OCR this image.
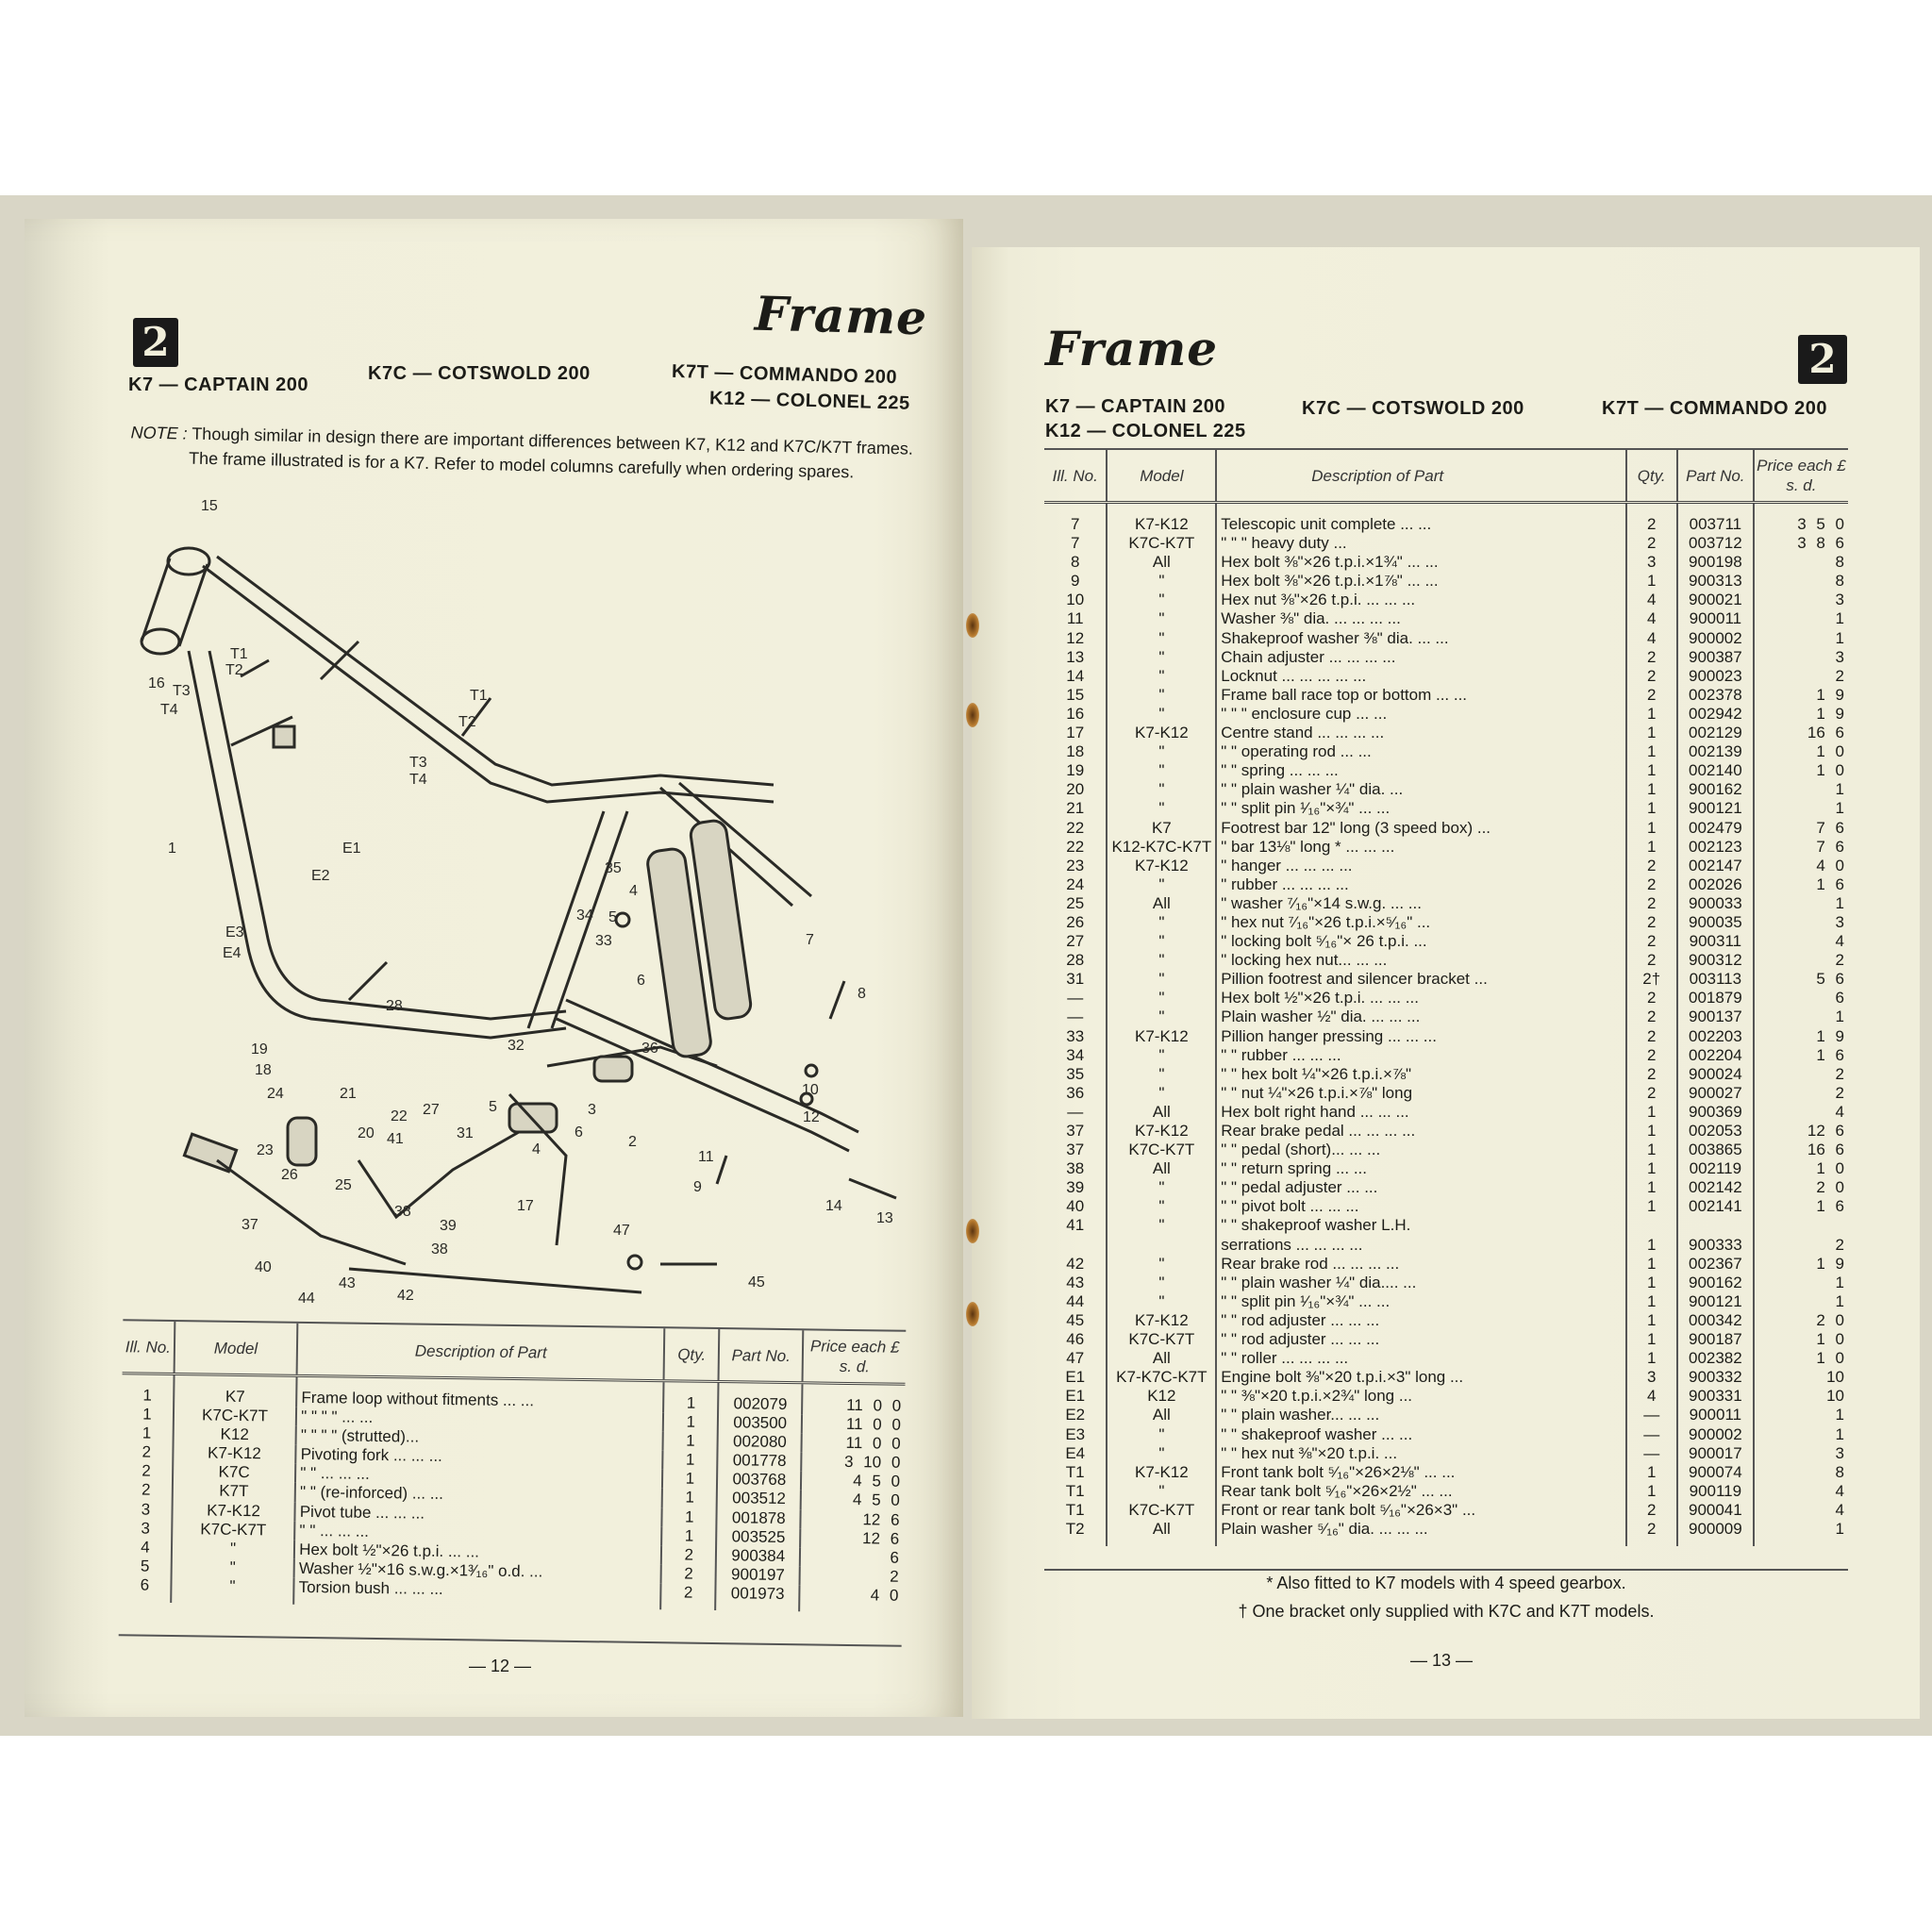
2	Frame
K7 — CAPTAIN 200
K7C — COTSWOLD 200	K7T — COMMANDO 200
K12 — COLONEL 225
NOTE : Though similar in design there are important differences between K7, K12 and K7C/K7T frames. The frame illustrated is for a K7. Refer to model columns carefully when ordering spares.
15
16 T3
T4
T1
T2
T1
T2
T3
T4
1	E1
E2
E3
E4
35
4
34 5
33
6
7
8
28
32	36
19
18
24	21
22 27
31
3
5
6
4
20 41	2
10
12
23
26
25
11
9
17	14
13
37
38
39
38
47
40
43
44	42
45
Ill. No.	Model	Description of Part	Qty.	Part No.	Price each £ s. d.
1	K7	Frame loop without fitments ... ...	1	002079	11 0 0
1	K7C-K7T	" " " " ... ...	1	003500	11 0 0
1	K12	" " " " (strutted)...	1	002080	11 0 0
2	K7-K12	Pivoting fork ... ... ...	1	001778	3 10 0
2	K7C	" " ... ... ...	1	003768	4 5 0
2	K7T	" " (re-inforced) ... ...	1	003512	4 5 0
3	K7-K12	Pivot tube ... ... ...	1	001878	12 6
3	K7C-K7T	" " ... ... ...	1	003525	12 6
4	"	Hex bolt ½"×26 t.p.i. ... ...	2	900384	6
5	"	Washer ½"×16 s.w.g.×1³⁄₁₆" o.d. ...	2	900197	2
6	"	Torsion bush ... ... ...	2	001973	4 0
— 12 —
Frame	2
K7 — CAPTAIN 200	K7C — COTSWOLD 200	K7T — COMMANDO 200
K12 — COLONEL 225
Ill. No.	Model	Description of Part	Qty.	Part No.	Price each £ s. d.
7	K7-K12	Telescopic unit complete ... ...	2	003711	3 5 0
7	K7C-K7T	" " " heavy duty ...	2	003712	3 8 6
8	All	Hex bolt ⅜"×26 t.p.i.×1¾" ... ...	3	900198	8
9	"	Hex bolt ⅜"×26 t.p.i.×1⅞" ... ...	1	900313	8
10	"	Hex nut ⅜"×26 t.p.i. ... ... ...	4	900021	3
11	"	Washer ⅜" dia. ... ... ... ...	4	900011	1
12	"	Shakeproof washer ⅜" dia. ... ...	4	900002	1
13	"	Chain adjuster ... ... ... ...	2	900387	3
14	"	Locknut ... ... ... ... ...	2	900023	2
15	"	Frame ball race top or bottom ... ...	2	002378	1 9
16	"	" " " enclosure cup ... ...	1	002942	1 9
17	K7-K12	Centre stand ... ... ... ...	1	002129	16 6
18	"	" " operating rod ... ...	1	002139	1 0
19	"	" " spring ... ... ...	1	002140	1 0
20	"	" " plain washer ¼" dia. ...	1	900162	1
21	"	" " split pin ¹⁄₁₆"×¾" ... ...	1	900121	1
22	K7	Footrest bar 12" long (3 speed box) ...	1	002479	7 6
22	K12-K7C-K7T	" bar 13⅛" long * ... ... ...	1	002123	7 6
23	K7-K12	" hanger ... ... ... ...	2	002147	4 0
24	"	" rubber ... ... ... ...	2	002026	1 6
25	All	" washer ⁷⁄₁₆"×14 s.w.g. ... ...	2	900033	1
26	"	" hex nut ⁷⁄₁₆"×26 t.p.i.×⁵⁄₁₆" ...	2	900035	3
27	"	" locking bolt ⁵⁄₁₆"× 26 t.p.i. ...	2	900311	4
28	"	" locking hex nut... ... ...	2	900312	2
31	"	Pillion footrest and silencer bracket ...	2†	003113	5 6
—	"	Hex bolt ½"×26 t.p.i. ... ... ...	2	001879	6
—	"	Plain washer ½" dia. ... ... ...	2	900137	1
33	K7-K12	Pillion hanger pressing ... ... ...	2	002203	1 9
34	"	" " rubber ... ... ...	2	002204	1 6
35	"	" " hex bolt ¼"×26 t.p.i.×⅞"	2	900024	2
36	"	" " nut ¼"×26 t.p.i.×⅞" long	2	900027	2
—	All	Hex bolt right hand ... ... ...	1	900369	4
37	K7-K12	Rear brake pedal ... ... ... ...	1	002053	12 6
37	K7C-K7T	" " pedal (short)... ... ...	1	003865	16 6
38	All	" " return spring ... ...	1	002119	1 0
39	"	" " pedal adjuster ... ...	1	002142	2 0
40	"	" " pivot bolt ... ... ...	1	002141	1 6
41	"	" " shakeproof washer L.H.			
		serrations ... ... ... ...	1	900333	2
42	"	Rear brake rod ... ... ... ...	1	002367	1 9
43	"	" " plain washer ¼" dia.... ...	1	900162	1
44	"	" " split pin ¹⁄₁₆"×¾" ... ...	1	900121	1
45	K7-K12	" " rod adjuster ... ... ...	1	000342	2 0
46	K7C-K7T	" " rod adjuster ... ... ...	1	900187	1 0
47	All	" " roller ... ... ... ...	1	002382	1 0
E1	K7-K7C-K7T	Engine bolt ⅜"×20 t.p.i.×3" long ...	3	900332	10
E1	K12	" " ⅜"×20 t.p.i.×2¾" long ...	4	900331	10
E2	All	" " plain washer... ... ...	—	900011	1
E3	"	" " shakeproof washer ... ...	—	900002	1
E4	"	" " hex nut ⅜"×20 t.p.i. ...	—	900017	3
T1	K7-K12	Front tank bolt ⁵⁄₁₆"×26×2⅛" ... ...	1	900074	8
T1	"	Rear tank bolt ⁵⁄₁₆"×26×2½" ... ...	1	900119	4
T1	K7C-K7T	Front or rear tank bolt ⁵⁄₁₆"×26×3" ...	2	900041	4
T2	All	Plain washer ⁵⁄₁₆" dia. ... ... ...	2	900009	1
* Also fitted to K7 models with 4 speed gearbox.
† One bracket only supplied with K7C and K7T models.
— 13 —
